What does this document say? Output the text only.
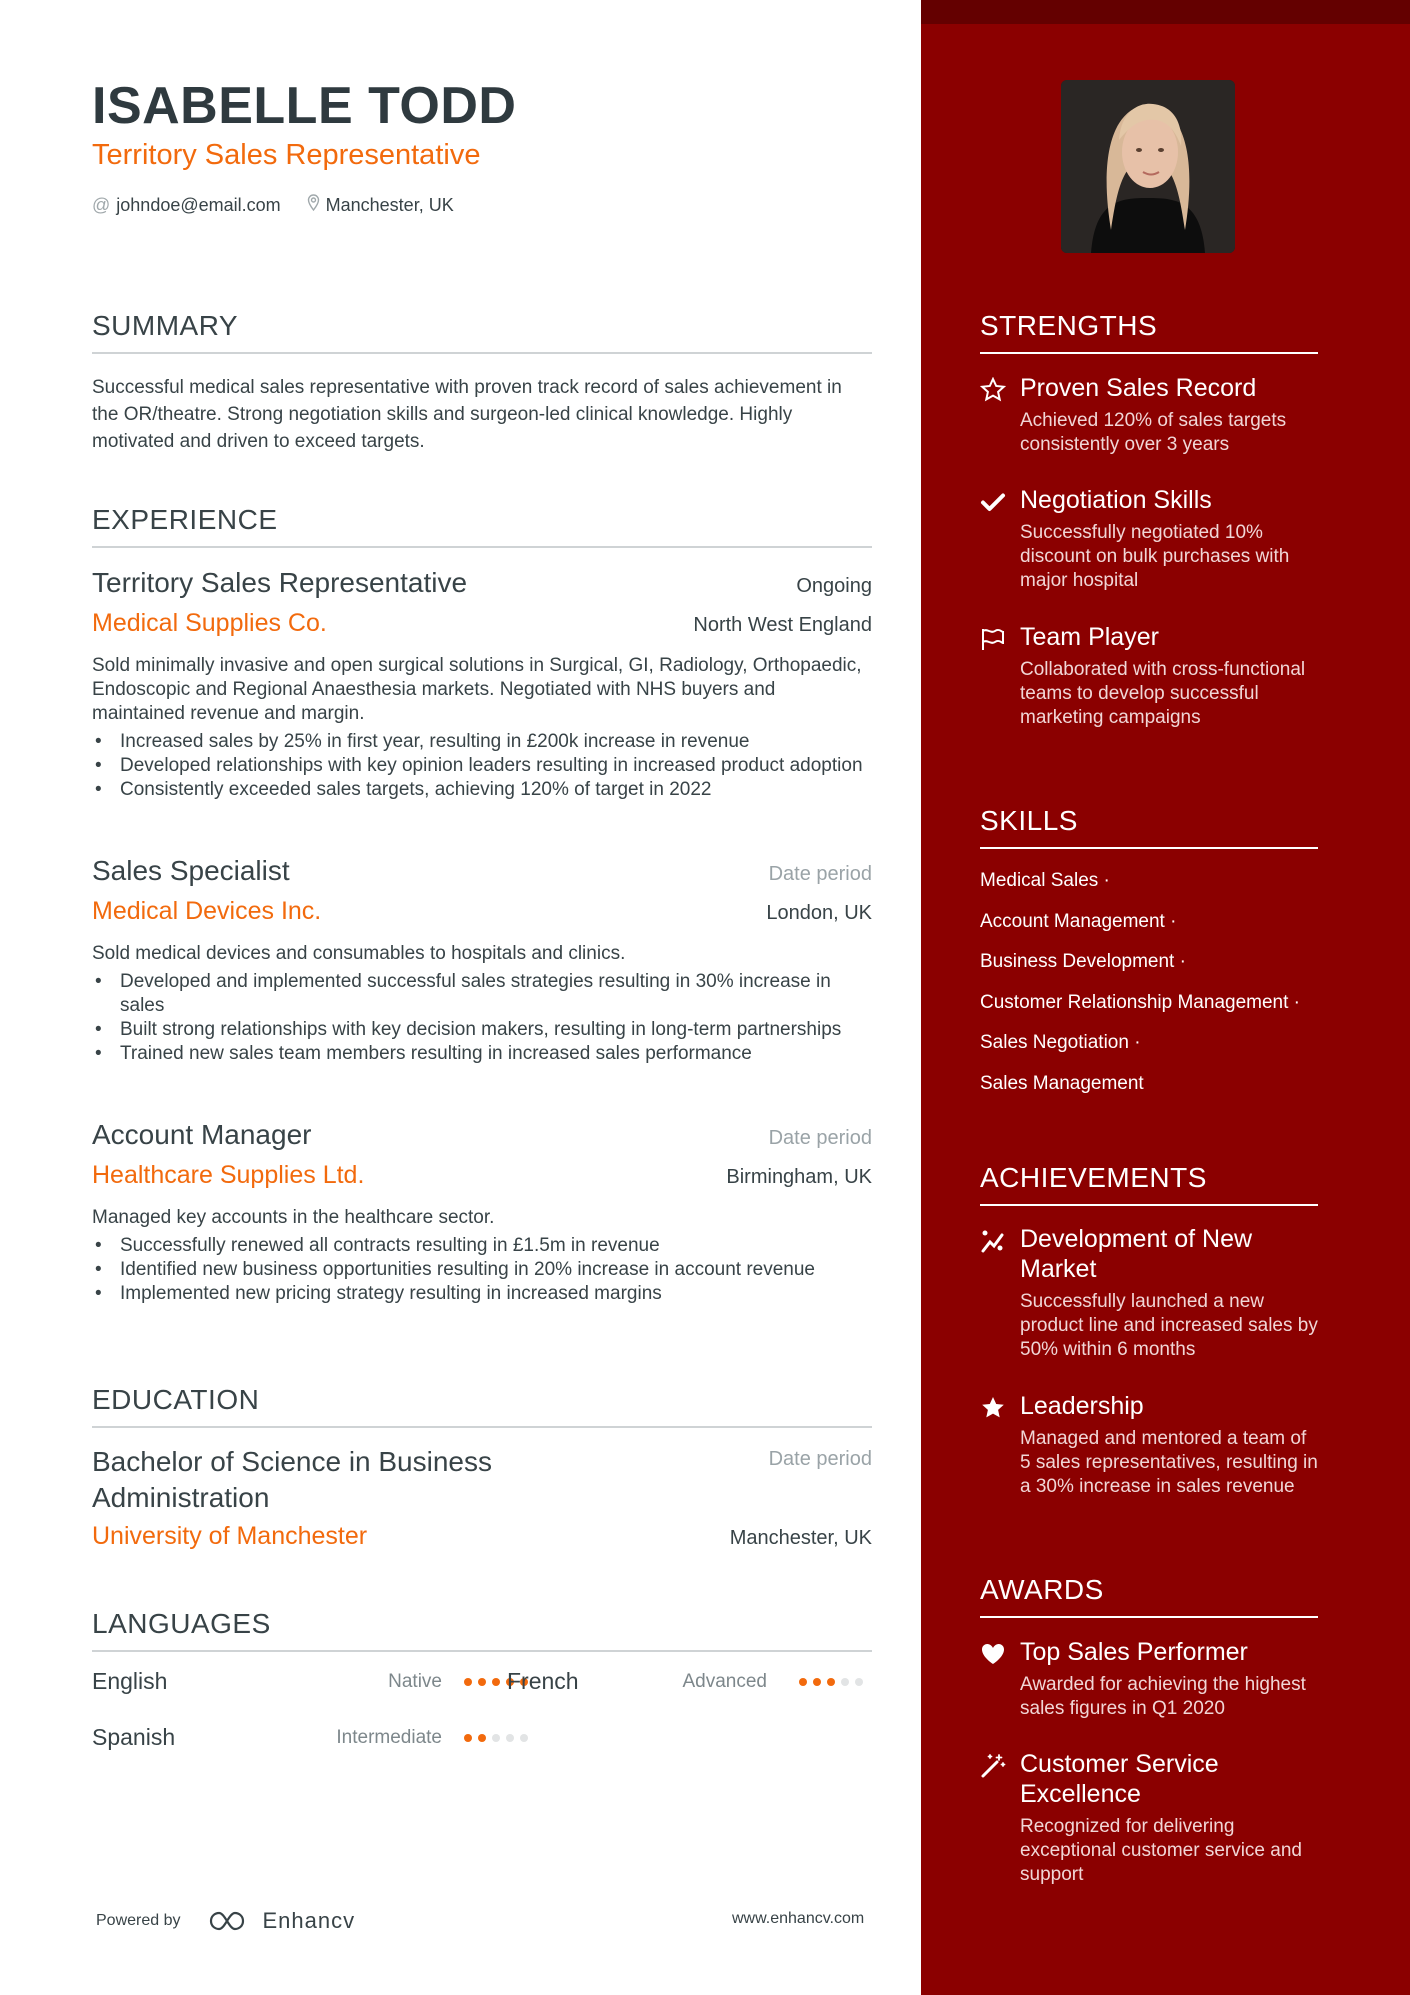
ISABELLE TODD
Territory Sales Representative
@ johndoe@email.com	Manchester, UK
SUMMARY
Successful medical sales representative with proven track record of sales achievement in the OR/theatre. Strong negotiation skills and surgeon-led clinical knowledge. Highly motivated and driven to exceed targets.
EXPERIENCE
Territory Sales Representative	Ongoing
Medical Supplies Co.	North West England
Sold minimally invasive and open surgical solutions in Surgical, GI, Radiology, Orthopaedic, Endoscopic and Regional Anaesthesia markets. Negotiated with NHS buyers and maintained revenue and margin.
• Increased sales by 25% in first year, resulting in £200k increase in revenue
• Developed relationships with key opinion leaders resulting in increased product adoption
• Consistently exceeded sales targets, achieving 120% of target in 2022
Sales Specialist	Date period
Medical Devices Inc.	London, UK
Sold medical devices and consumables to hospitals and clinics.
• Developed and implemented successful sales strategies resulting in 30% increase in sales
• Built strong relationships with key decision makers, resulting in long-term partnerships
• Trained new sales team members resulting in increased sales performance
Account Manager	Date period
Healthcare Supplies Ltd.	Birmingham, UK
Managed key accounts in the healthcare sector.
• Successfully renewed all contracts resulting in £1.5m in revenue
• Identified new business opportunities resulting in 20% increase in account revenue
• Implemented new pricing strategy resulting in increased margins
EDUCATION
Bachelor of Science in Business Administration
Date period
University of Manchester	Manchester, UK
LANGUAGES
English	Native	French	Advanced
Spanish	Intermediate
Powered by	Enhancv	www.enhancv.com
STRENGTHS
Proven Sales Record
Achieved 120% of sales targets consistently over 3 years
Negotiation Skills
Successfully negotiated 10% discount on bulk purchases with major hospital
Team Player
Collaborated with cross-functional teams to develop successful marketing campaigns
SKILLS
Medical Sales ·
Account Management ·
Business Development ·
Customer Relationship Management ·
Sales Negotiation ·
Sales Management
ACHIEVEMENTS
Development of New Market
Successfully launched a new product line and increased sales by 50% within 6 months
Leadership
Managed and mentored a team of 5 sales representatives, resulting in a 30% increase in sales revenue
AWARDS
Top Sales Performer
Awarded for achieving the highest sales figures in Q1 2020
Customer Service Excellence
Recognized for delivering exceptional customer service and support
